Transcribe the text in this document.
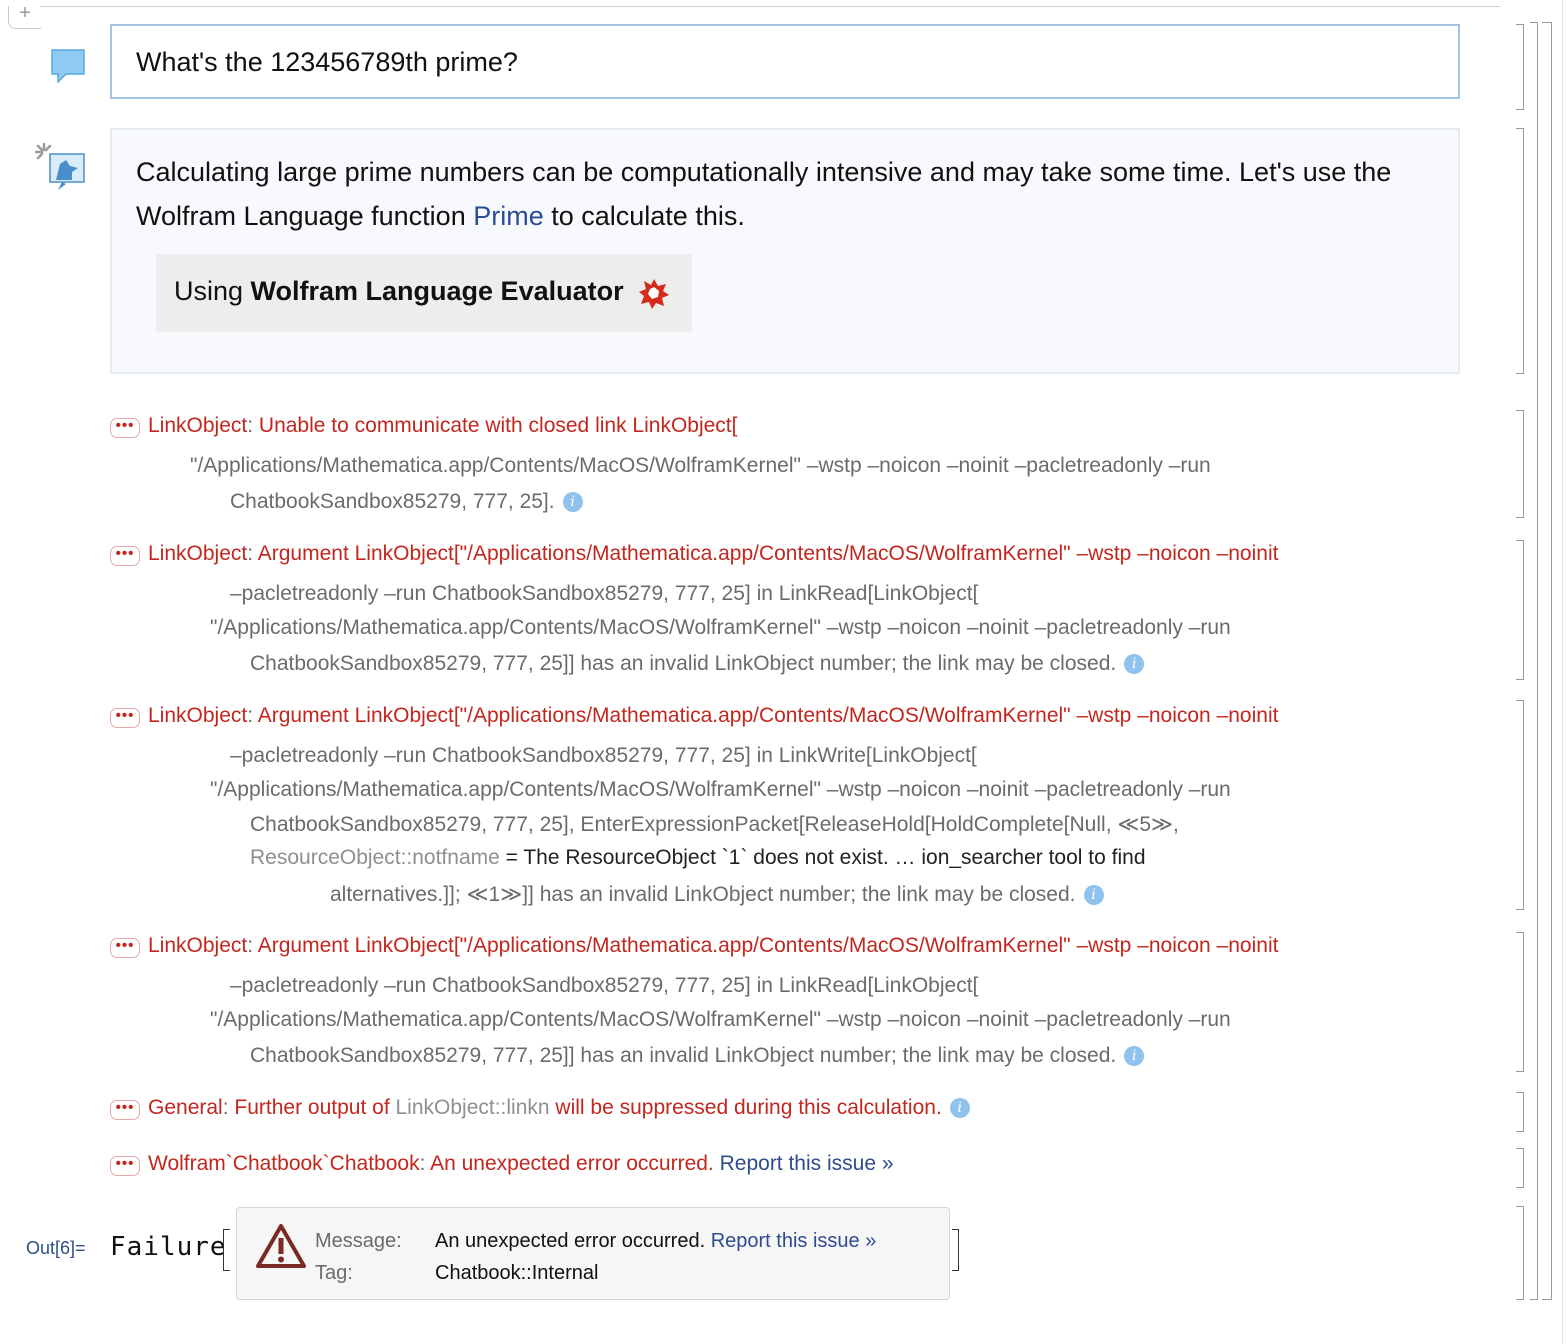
+
What's the 123456789th prime?
Calculating large prime numbers can be computationally intensive and may take some time. Let's use the Wolfram Language function Prime to calculate this.
Using Wolfram Language Evaluator
••• LinkObject: Unable to communicate with closed link LinkObject[
"/Applications/Mathematica.app/Contents/MacOS/WolframKernel" –wstp –noicon –noinit –pacletreadonly –run
ChatbookSandbox85279, 777, 25]. i
••• LinkObject: Argument LinkObject["/Applications/Mathematica.app/Contents/MacOS/WolframKernel" –wstp –noicon –noinit
–pacletreadonly –run ChatbookSandbox85279, 777, 25] in LinkRead[LinkObject[
"/Applications/Mathematica.app/Contents/MacOS/WolframKernel" –wstp –noicon –noinit –pacletreadonly –run
ChatbookSandbox85279, 777, 25]] has an invalid LinkObject number; the link may be closed. i
••• LinkObject: Argument LinkObject["/Applications/Mathematica.app/Contents/MacOS/WolframKernel" –wstp –noicon –noinit
–pacletreadonly –run ChatbookSandbox85279, 777, 25] in LinkWrite[LinkObject[
"/Applications/Mathematica.app/Contents/MacOS/WolframKernel" –wstp –noicon –noinit –pacletreadonly –run
ChatbookSandbox85279, 777, 25], EnterExpressionPacket[ReleaseHold[HoldComplete[Null, ≪5≫,
ResourceObject::notfname = The ResourceObject `1` does not exist. … ion_searcher tool to find
alternatives.]]; ≪1≫]] has an invalid LinkObject number; the link may be closed. i
••• LinkObject: Argument LinkObject["/Applications/Mathematica.app/Contents/MacOS/WolframKernel" –wstp –noicon –noinit
–pacletreadonly –run ChatbookSandbox85279, 777, 25] in LinkRead[LinkObject[
"/Applications/Mathematica.app/Contents/MacOS/WolframKernel" –wstp –noicon –noinit –pacletreadonly –run
ChatbookSandbox85279, 777, 25]] has an invalid LinkObject number; the link may be closed. i
••• General: Further output of LinkObject::linkn will be suppressed during this calculation. i
••• Wolfram`Chatbook`Chatbook: An unexpected error occurred. Report this issue »
Out[6]= Failure	Message: An unexpected error occurred. Report this issue »
Tag:	Chatbook::Internal
